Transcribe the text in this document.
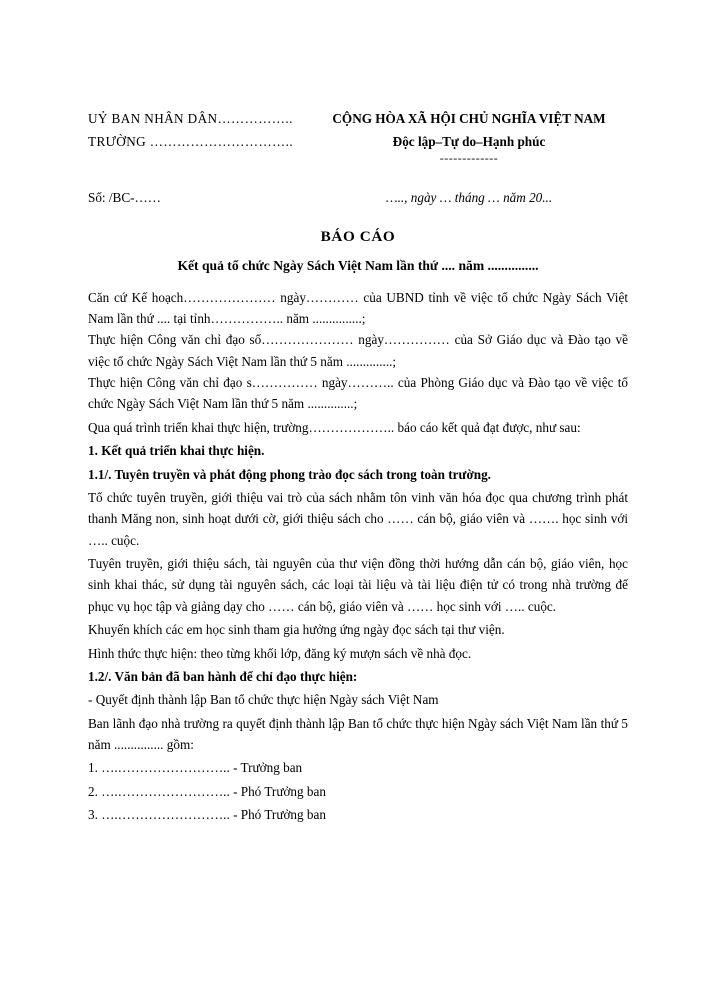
UỶ BAN NHÂN DÂN……………..
TRƯỜNG …………………………..
CỘNG HÒA XÃ HỘI CHỦ NGHĨA VIỆT NAM
Độc lập–Tự do–Hạnh phúc
-------------
Số: /BC-……	….., ngày … tháng … năm 20...
BÁO CÁO
Kết quả tổ chức Ngày Sách Việt Nam lần thứ .... năm ...............

Căn cứ Kế hoạch………………… ngày………… của UBND tỉnh về việc tổ chức Ngày Sách Việt Nam lần thứ .... tại tỉnh…………….. năm ...............;

Thực hiện Công văn chỉ đạo số………………… ngày…………… của Sở Giáo dục và Đào tạo về việc tổ chức Ngày Sách Việt Nam lần thứ 5 năm ..............;

Thực hiện Công văn chỉ đạo s…………… ngày……….. của Phòng Giáo dục và Đào tạo về việc tổ chức Ngày Sách Việt Nam lần thứ 5 năm ..............;

Qua quá trình triển khai thực hiện, trường……………….. báo cáo kết quả đạt được, như sau:

1. Kết quả triển khai thực hiện.

1.1/. Tuyên truyền và phát động phong trào đọc sách trong toàn trường.

Tổ chức tuyên truyền, giới thiệu vai trò của sách nhằm tôn vinh văn hóa đọc qua chương trình phát thanh Măng non, sinh hoạt dưới cờ, giới thiệu sách cho …… cán bộ, giáo viên và ……. học sinh với ….. cuộc.

Tuyên truyền, giới thiệu sách, tài nguyên của thư viện đồng thời hướng dẫn cán bộ, giáo viên, học sinh khai thác, sử dụng tài nguyên sách, các loại tài liệu và tài liệu điện tử có trong nhà trường để phục vụ học tập và giảng dạy cho …… cán bộ, giáo viên và …… học sinh với ….. cuộc.

Khuyến khích các em học sinh tham gia hưởng ứng ngày đọc sách tại thư viện.

Hình thức thực hiện: theo từng khối lớp, đăng ký mượn sách về nhà đọc.

1.2/. Văn bản đã ban hành để chỉ đạo thực hiện:

- Quyết định thành lập Ban tổ chức thực hiện Ngày sách Việt Nam

Ban lãnh đạo nhà trường ra quyết định thành lập Ban tổ chức thực hiện Ngày sách Việt Nam lần thứ 5 năm ............... gồm:

1. ….…………………….. - Trưởng ban

2. ….…………………….. - Phó Trưởng ban

3. ….…………………….. - Phó Trưởng ban
